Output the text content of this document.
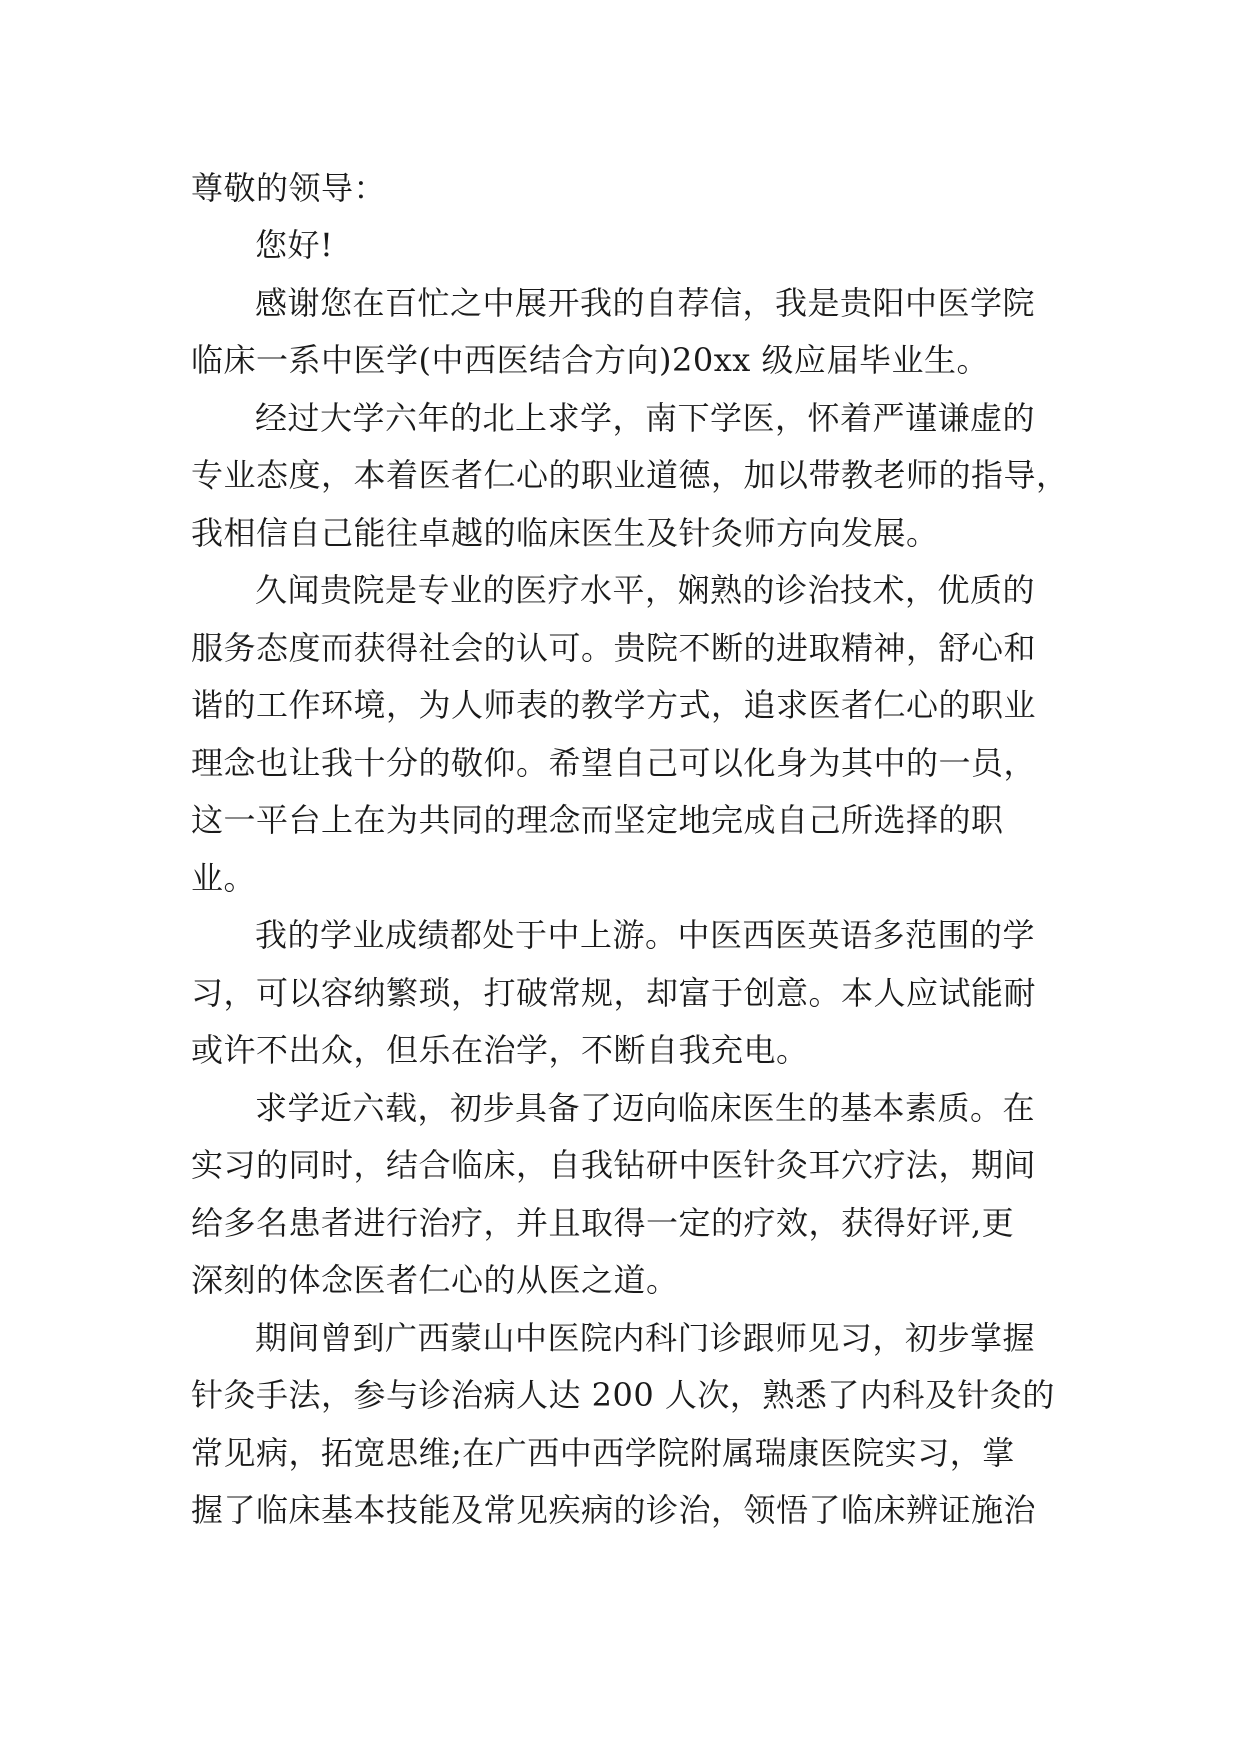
尊敬的领导：
您好!
感谢您在百忙之中展开我的自荐信，我是贵阳中医学院
临床一系中医学(中西医结合方向)20xx 级应届毕业生。
经过大学六年的北上求学，南下学医，怀着严谨谦虚的
专业态度，本着医者仁心的职业道德，加以带教老师的指导，
我相信自己能往卓越的临床医生及针灸师方向发展。
久闻贵院是专业的医疗水平，娴熟的诊治技术，优质的
服务态度而获得社会的认可。贵院不断的进取精神，舒心和
谐的工作环境，为人师表的教学方式，追求医者仁心的职业
理念也让我十分的敬仰。希望自己可以化身为其中的一员，
这一平台上在为共同的理念而坚定地完成自己所选择的职
业。
我的学业成绩都处于中上游。中医西医英语多范围的学
习，可以容纳繁琐，打破常规，却富于创意。本人应试能耐
或许不出众，但乐在治学，不断自我充电。
求学近六载，初步具备了迈向临床医生的基本素质。在
实习的同时，结合临床，自我钻研中医针灸耳穴疗法，期间
给多名患者进行治疗，并且取得一定的疗效，获得好评,更
深刻的体念医者仁心的从医之道。
期间曾到广西蒙山中医院内科门诊跟师见习，初步掌握
针灸手法，参与诊治病人达 200 人次，熟悉了内科及针灸的
常见病，拓宽思维;在广西中西学院附属瑞康医院实习，掌
握了临床基本技能及常见疾病的诊治，领悟了临床辨证施治
